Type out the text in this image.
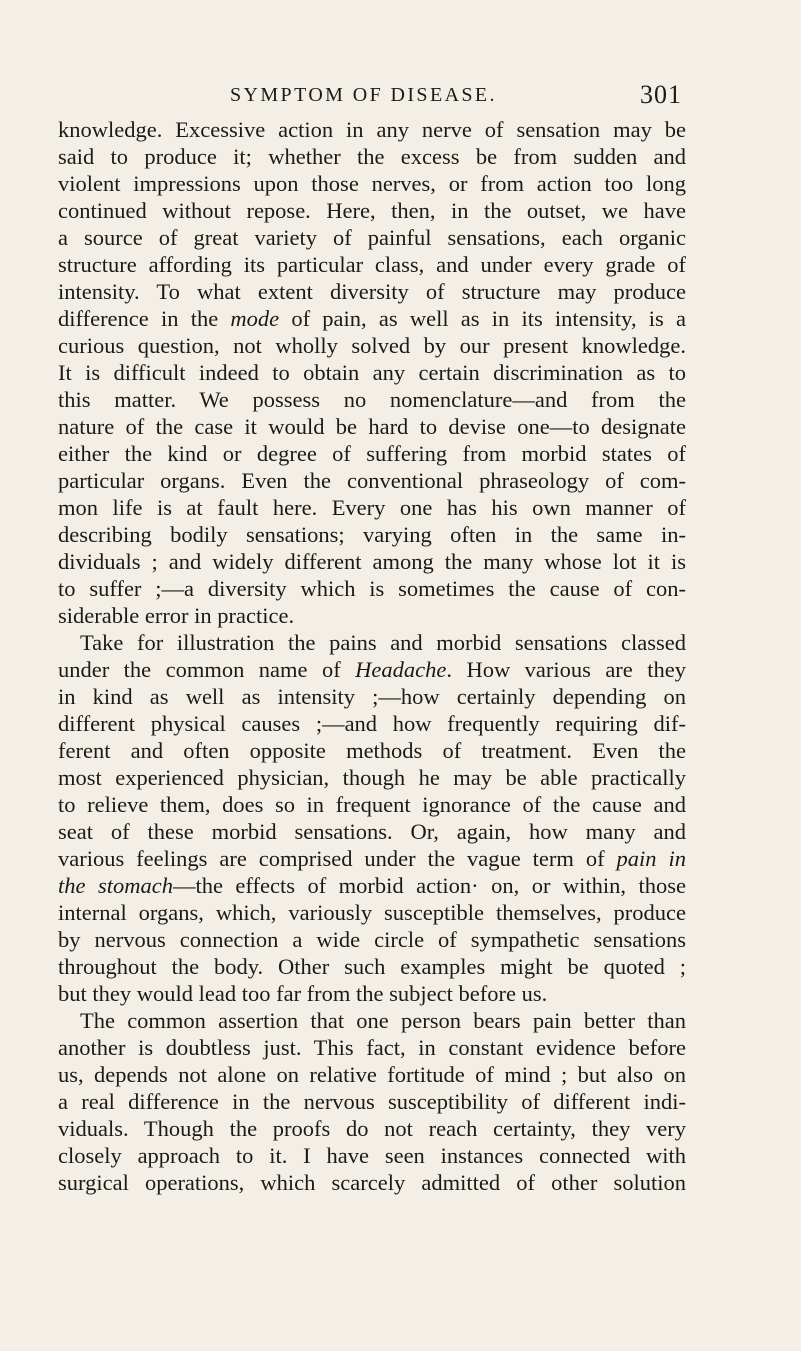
SYMPTOM OF DISEASE.	301
knowledge. Excessive action in any nerve of sensation may be
said to produce it; whether the excess be from sudden and
violent impressions upon those nerves, or from action too long
continued without repose. Here, then, in the outset, we have
a source of great variety of painful sensations, each organic
structure affording its particular class, and under every grade of
intensity. To what extent diversity of structure may produce
difference in the mode of pain, as well as in its intensity, is a
curious question, not wholly solved by our present knowledge.
It is difficult indeed to obtain any certain discrimination as to
this matter. We possess no nomenclature—and from the
nature of the case it would be hard to devise one—to designate
either the kind or degree of suffering from morbid states of
particular organs. Even the conventional phraseology of com-
mon life is at fault here. Every one has his own manner of
describing bodily sensations; varying often in the same in-
dividuals ; and widely different among the many whose lot it is
to suffer ;—a diversity which is sometimes the cause of con-
siderable error in practice.
Take for illustration the pains and morbid sensations classed
under the common name of Headache. How various are they
in kind as well as intensity ;—how certainly depending on
different physical causes ;—and how frequently requiring dif-
ferent and often opposite methods of treatment. Even the
most experienced physician, though he may be able practically
to relieve them, does so in frequent ignorance of the cause and
seat of these morbid sensations. Or, again, how many and
various feelings are comprised under the vague term of pain in
the stomach—the effects of morbid action· on, or within, those
internal organs, which, variously susceptible themselves, produce
by nervous connection a wide circle of sympathetic sensations
throughout the body. Other such examples might be quoted ;
but they would lead too far from the subject before us.
The common assertion that one person bears pain better than
another is doubtless just. This fact, in constant evidence before
us, depends not alone on relative fortitude of mind ; but also on
a real difference in the nervous susceptibility of different indi-
viduals. Though the proofs do not reach certainty, they very
closely approach to it. I have seen instances connected with
surgical operations, which scarcely admitted of other solution
